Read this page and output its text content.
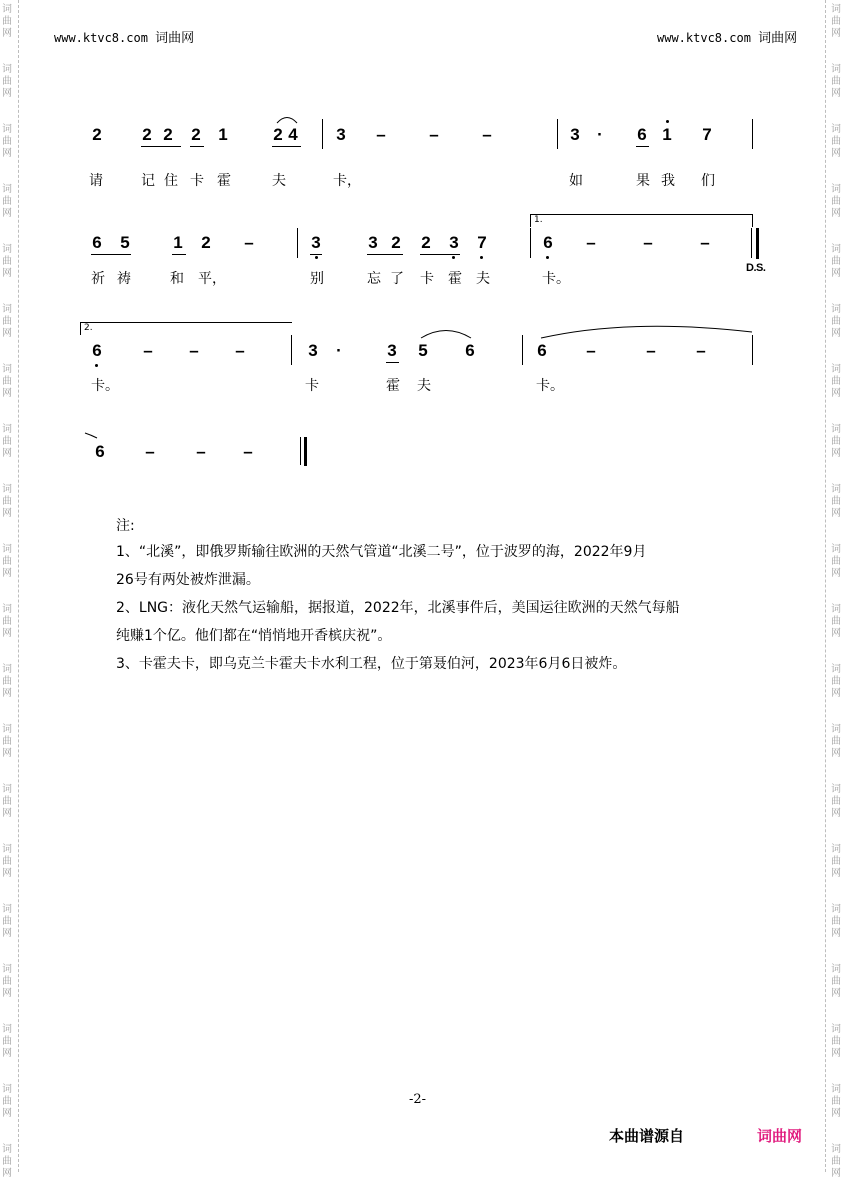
词
曲
网
词
曲
网
词
曲
网
词
曲
网
词
曲
网
词
曲
网
词
曲
网
词
曲
网
词
曲
网
词
曲
网
词
曲
网
词
曲
网
词
曲
网
词
曲
网
词
曲
网
词
曲
网
词
曲
网
词
曲
网
词
曲
网
词
曲
网
词
曲
网
词
曲
网
词
曲
网
词
曲
网
词
曲
网
词
曲
网
词
曲
网
词
曲
网
词
曲
网
词
曲
网
词
曲
网
词
曲
网
词
曲
网
词
曲
网
词
曲
网
词
曲
网
词
曲
网
词
曲
网
词
曲
网
词
曲
网
www.ktvc8.com 词曲网	www.ktvc8.com 词曲网
2 2 2 2 1	2 4 3 –	–	–	3	·	6 1 7
请	记 住 卡 霍	夫	卡，	如	果 我 们
6 5	1 2 –	3	3 2 2 3 7	6 –	–	–
1.
D.S.
祈 祷	和 平，	别	忘 了 卡 霍 夫	卡。
2.
6 – – –	3	·	3 5 6	6 –	– –
卡。	卡	霍 夫	卡。
6 – – –
注:
1、“北溪”，即俄罗斯输往欧洲的天然气管道“北溪二号”，位于波罗的海，2022年9月
26号有两处被炸泄漏。
2、LNG：液化天然气运输船，据报道，2022年，北溪事件后，美国运往欧洲的天然气每船
纯赚1个亿。他们都在“悄悄地开香槟庆祝”。
3、卡霍夫卡，即乌克兰卡霍夫卡水利工程，位于第聂伯河，2023年6月6日被炸。
-2-
本曲谱源自	词曲网
